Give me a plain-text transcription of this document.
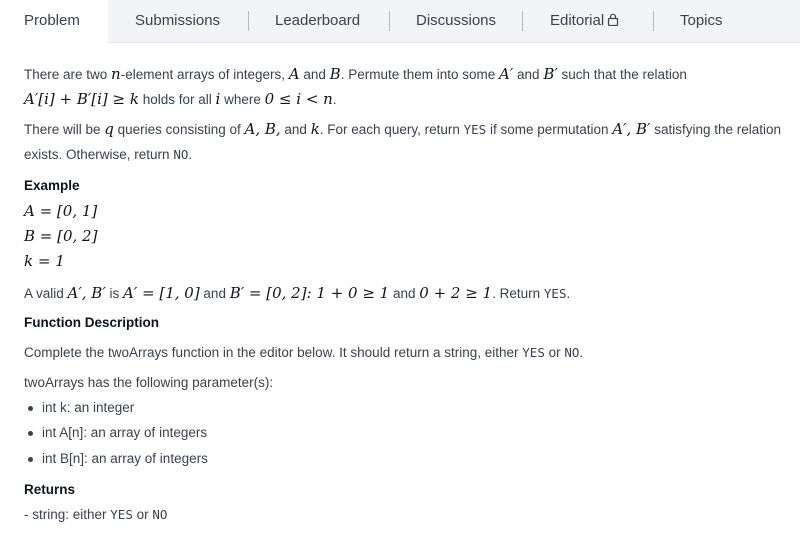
Problem	Submissions	Leaderboard	Discussions	Editorial	Topics
There are two n-element arrays of integers, A and B. Permute them into some A′ and B′ such that the relation
A′[i] + B′[i] ≥ k holds for all i where 0 ≤ i < n.
There will be q queries consisting of A, B, and k. For each query, return YES if some permutation A′, B′ satisfying the relation
exists. Otherwise, return NO.
Example
A = [0, 1]
B = [0, 2]
k = 1
A valid A′, B′ is A′ = [1, 0] and B′ = [0, 2]: 1 + 0 ≥ 1 and 0 + 2 ≥ 1. Return YES.
Function Description
Complete the twoArrays function in the editor below. It should return a string, either YES or NO.
twoArrays has the following parameter(s):
int k: an integer
int A[n]: an array of integers
int B[n]: an array of integers
Returns
- string: either YES or NO
